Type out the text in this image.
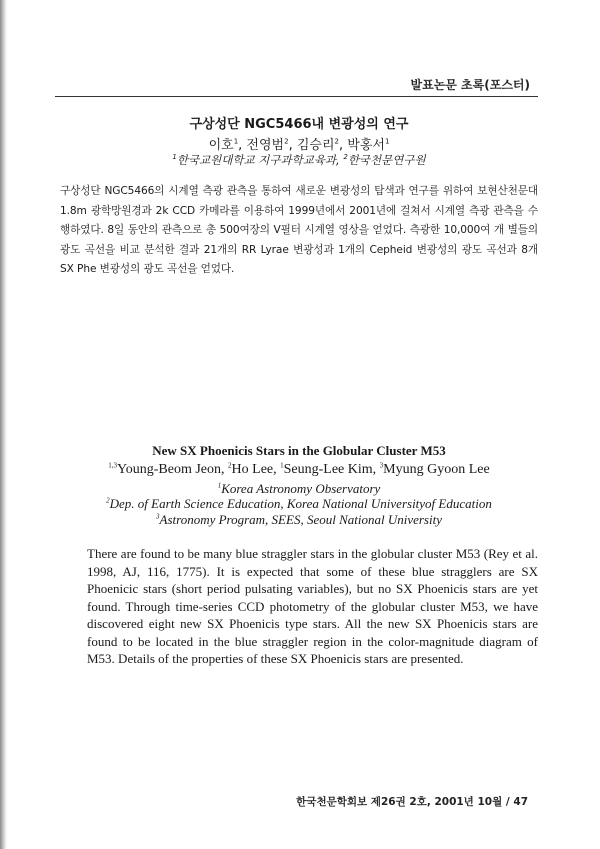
발표논문 초록(포스터)
구상성단 NGC5466내 변광성의 연구
이호$^1$, 전영범$^2$, 김승리$^2$, 박홍서$^1$
$^1$한국교원대학교 지구과학교육과, $^2$한국천문연구원
구상성단 NGC5466의 시계열 측광 관측을 통하여 새로운 변광성의 탐색과 연구를 위하여 보현산천문대 1.8m 광학망원경과 2k CCD 카메라를 이용하여 1999년에서 2001년에 걸쳐서 시계열 측광 관측을 수행하였다. 8일 동안의 관측으로 총 500여장의 V필터 시계열 영상을 얻었다. 측광한 10,000여 개 별들의 광도 곡선을 비교 분석한 결과 21개의 RR Lyrae 변광성과 1개의 Cepheid 변광성의 광도 곡선과 8개 SX Phe 변광성의 광도 곡선을 얻었다.
New SX Phoenicis Stars in the Globular Cluster M53
$^{1,3}$Young-Beom Jeon, $^2$Ho Lee, $^1$Seung-Lee Kim, $^3$Myung Gyoon Lee
$^1$Korea Astronomy Observatory
$^2$Dep. of Earth Science Education, Korea National Universityof Education
$^3$Astronomy Program, SEES, Seoul National University
There are found to be many blue straggler stars in the globular cluster M53 (Rey et al. 1998, AJ, 116, 1775). It is expected that some of these blue stragglers are SX Phoenicic stars (short period pulsating variables), but no SX Phoenicis stars are yet found. Through time-series CCD photometry of the globular cluster M53, we have discovered eight new SX Phoenicis type stars. All the new SX Phoenicis stars are found to be located in the blue straggler region in the color-magnitude diagram of M53. Details of the properties of these SX Phoenicis stars are presented.
한국천문학회보 제26권 2호, 2001년 10월 / 47
